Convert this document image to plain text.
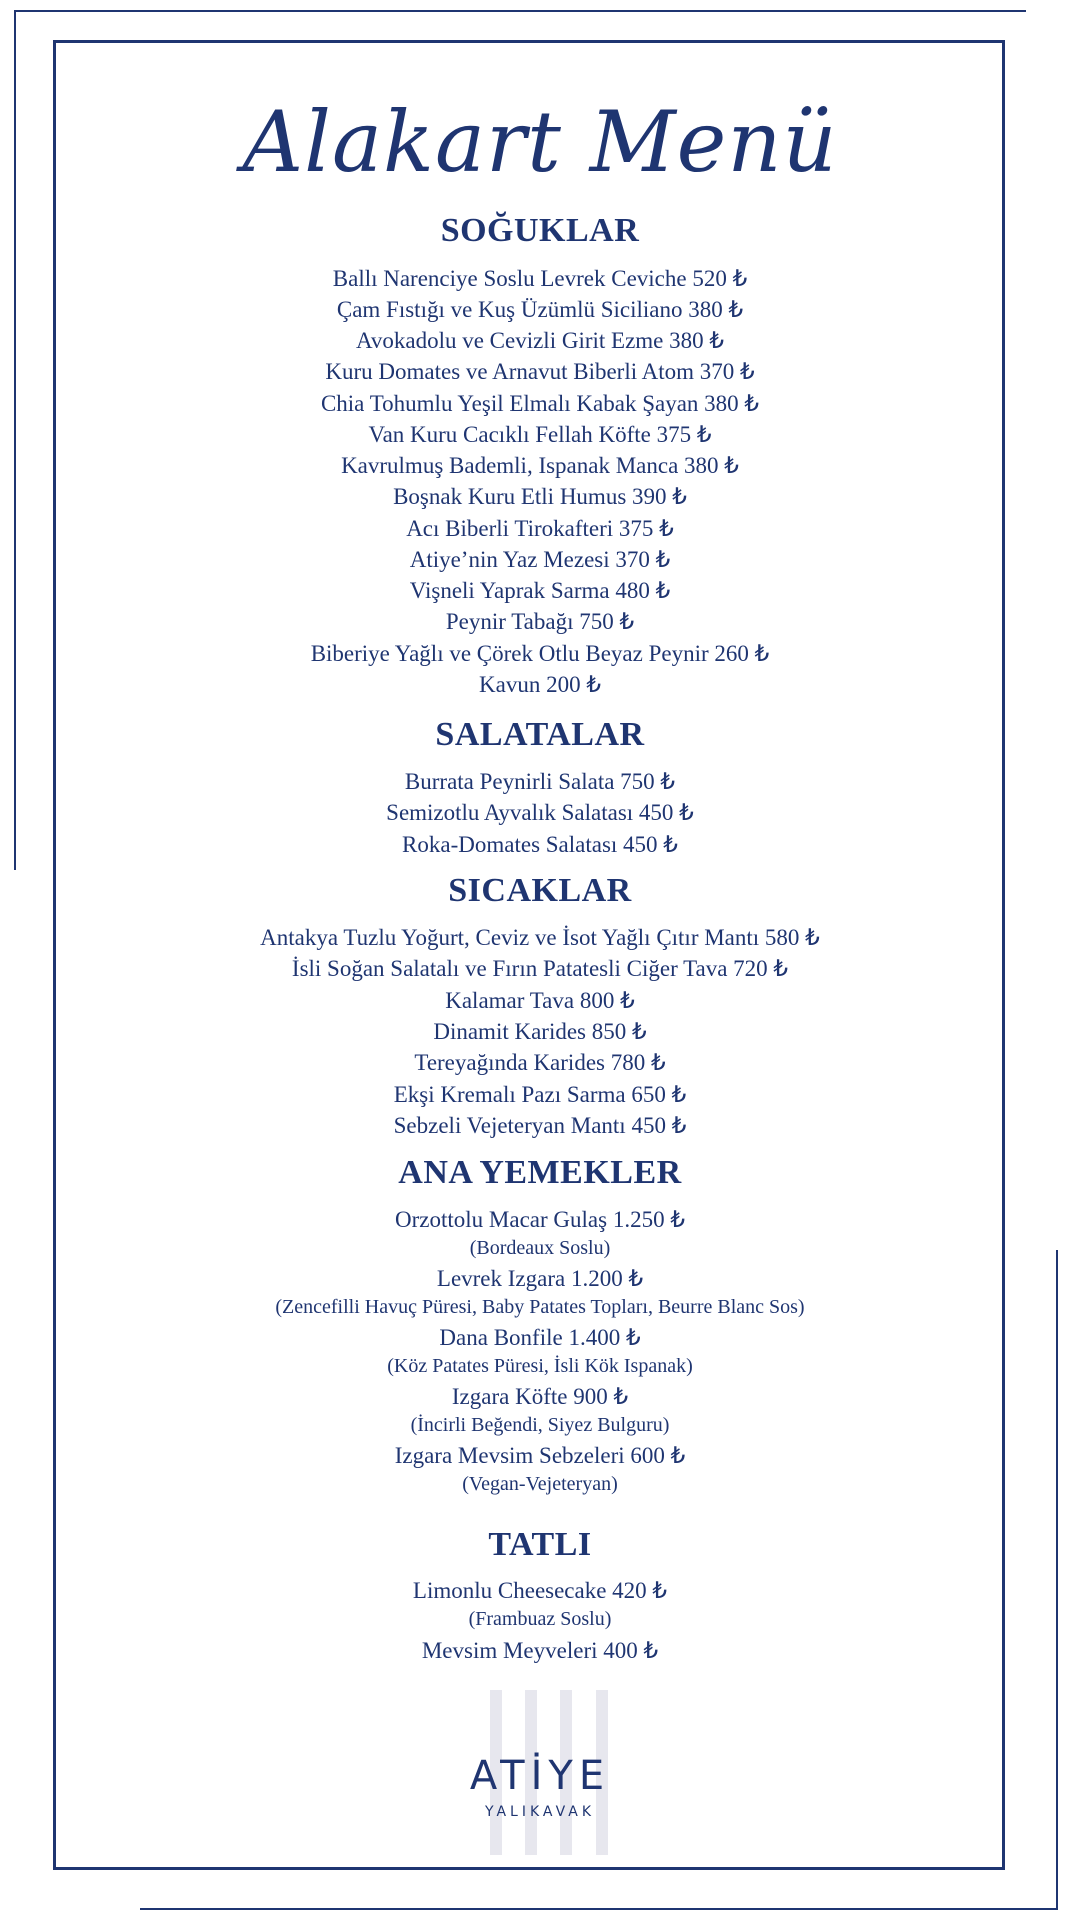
Alakart Menü
SOĞUKLAR
Ballı Narenciye Soslu Levrek Ceviche 520 ₺
Çam Fıstığı ve Kuş Üzümlü Siciliano 380 ₺
Avokadolu ve Cevizli Girit Ezme 380 ₺
Kuru Domates ve Arnavut Biberli Atom 370 ₺
Chia Tohumlu Yeşil Elmalı Kabak Şayan 380 ₺
Van Kuru Cacıklı Fellah Köfte 375 ₺
Kavrulmuş Bademli, Ispanak Manca 380 ₺
Boşnak Kuru Etli Humus 390 ₺
Acı Biberli Tirokafteri 375 ₺
Atiye’nin Yaz Mezesi 370 ₺
Vişneli Yaprak Sarma 480 ₺
Peynir Tabağı 750 ₺
Biberiye Yağlı ve Çörek Otlu Beyaz Peynir 260 ₺
Kavun 200 ₺
SALATALAR
Burrata Peynirli Salata 750 ₺
Semizotlu Ayvalık Salatası 450 ₺
Roka-Domates Salatası 450 ₺
SICAKLAR
Antakya Tuzlu Yoğurt, Ceviz ve İsot Yağlı Çıtır Mantı 580 ₺
İsli Soğan Salatalı ve Fırın Patatesli Ciğer Tava 720 ₺
Kalamar Tava 800 ₺
Dinamit Karides 850 ₺
Tereyağında Karides 780 ₺
Ekşi Kremalı Pazı Sarma 650 ₺
Sebzeli Vejeteryan Mantı 450 ₺
ANA YEMEKLER
Orzottolu Macar Gulaş 1.250 ₺
(Bordeaux Soslu)
Levrek Izgara 1.200 ₺
(Zencefilli Havuç Püresi, Baby Patates Topları, Beurre Blanc Sos)
Dana Bonfile 1.400 ₺
(Köz Patates Püresi, İsli Kök Ispanak)
Izgara Köfte 900 ₺
(İncirli Beğendi, Siyez Bulguru)
Izgara Mevsim Sebzeleri 600 ₺
(Vegan-Vejeteryan)
TATLI
Limonlu Cheesecake 420 ₺
(Frambuaz Soslu)
Mevsim Meyveleri 400 ₺
ATİYE
YALIKAVAK
